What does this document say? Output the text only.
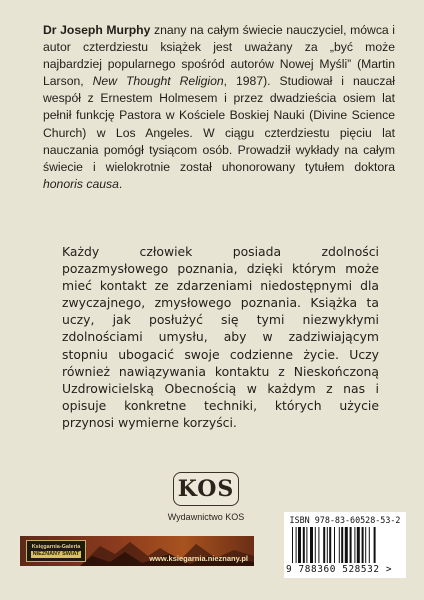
Dr Joseph Murphy znany na całym świecie nauczyciel, mówca i autor czterdziestu książek jest uważany za „być może najbardziej popularnego spośród autorów Nowej Myśli” (Martin Larson, New Thought Religion, 1987). Studiował i nauczał wespół z Ernestem Holmesem i przez dwadzieścia osiem lat pełnił funkcję Pastora w Kościele Boskiej Nauki (Divine Science Church) w Los Angeles. W ciągu czterdziestu pięciu lat nauczania pomógł tysiącom osób. Prowadził wykłady na całym świecie i wielokrotnie został uhonorowany tytułem doktora honoris causa.
Każdy człowiek posiada zdolności pozazmysłowego poznania, dzięki którym może mieć kontakt ze zdarzeniami niedostępnymi dla zwyczajnego, zmysłowego poznania. Książka ta uczy, jak posłużyć się tymi niezwykłymi zdolnościami umysłu, aby w zadziwiającym stopniu ubogacić swoje codzienne życie. Uczy również nawiązywania kontaktu z Nieskończoną Uzdrowicielską Obecnością w każdym z nas i opisuje konkretne techniki, których użycie przynosi wymierne korzyści.
KOS
Wydawnictwo KOS
Księgarnia-Galeria
NIEZNANY ŚWIAT	www.ksiegarnia.nieznany.pl
ISBN 978-83-60528-53-2
9 788360 528532 >
